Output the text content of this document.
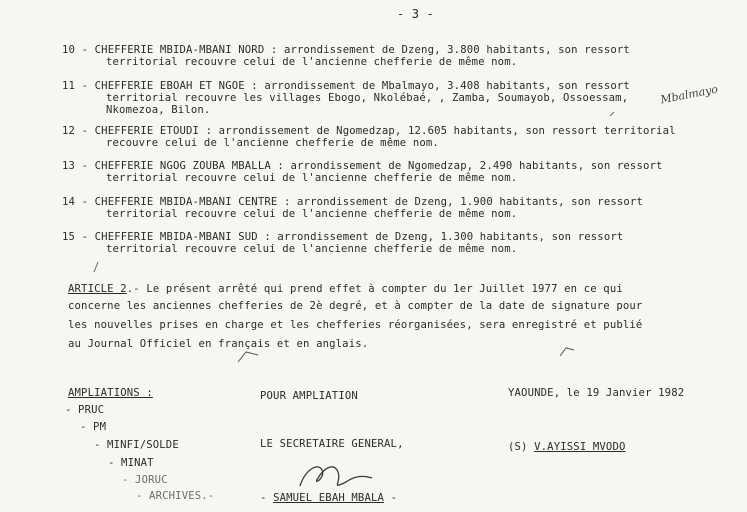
- 3 -
10 - CHEFFERIE MBIDA-MBANI NORD : arrondissement de Dzeng, 3.800 habitants, son ressort
territorial recouvre celui de l'ancienne chefferie de même nom.
11 - CHEFFERIE EBOAH ET NGOE : arrondissement de Mbalmayo, 3.408 habitants, son ressort
territorial recouvre les villages Ebogo, Nkolébaé, , Zamba, Soumayob, Ossoessam,
Nkomezoa, Bilon.
12 - CHEFFERIE ETOUDI : arrondissement de Ngomedzap, 12.605 habitants, son ressort territorial
recouvre celui de l'ancienne chefferie de même nom.
13 - CHEFFERIE NGOG ZOUBA MBALLA : arrondissement de Ngomedzap, 2.490 habitants, son ressort
territorial recouvre celui de l'ancienne chefferie de même nom.
14 - CHEFFERIE MBIDA-MBANI CENTRE : arrondissement de Dzeng, 1.900 habitants, son ressort
territorial recouvre celui de l'ancienne chefferie de même nom.
15 - CHEFFERIE MBIDA-MBANI SUD : arrondissement de Dzeng, 1.300 habitants, son ressort
territorial recouvre celui de l'ancienne chefferie de même nom.
Mbalmayo
ARTICLE 2.- Le présent arrêté qui prend effet à compter du 1er Juillet 1977 en ce qui
concerne les anciennes chefferies de 2è degré, et à compter de la date de signature pour
les nouvelles prises en charge et les chefferies réorganisées, sera enregistré et publié
au Journal Officiel en français et en anglais.
AMPLIATIONS :
- PRUC
- PM
- MINFI/SOLDE
- MINAT
- JORUC
- ARCHIVES.-
POUR AMPLIATION
LE SECRETAIRE GENERAL,
- SAMUEL EBAH MBALA -
YAOUNDE, le 19 Janvier 1982
(S) V.AYISSI MVODO
